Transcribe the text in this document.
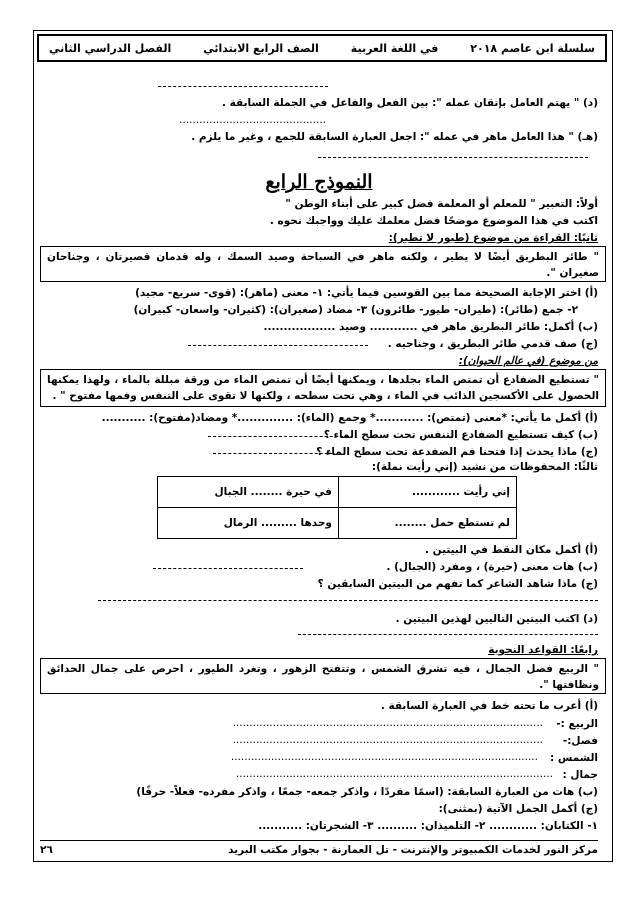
سلسلة ابن عاصم ٢٠١٨
في اللغة العربية
الصف الرابع الابتدائي
الفصل الدراسي الثاني
(د) " يهتم العامل بإتقان عمله ": بين الفعل والفاعل في الجملة السابقة .
............................................
(هـ) " هذا العامل ماهر في عمله ": اجعل العبارة السابقة للجمع ، وغير ما يلزم .
النموذج الرابع
أولاً: التعبير " للمعلم أو المعلمة فضل كبير على أبناء الوطن "
اكتب في هذا الموضوع موضحًا فضل معلمك عليك وواجبك نحوه .
ثانيًا: القراءة من موضوع (طيور لا تطير):
" طائر البطريق أيضًا لا يطير ، ولكنه ماهر في السباحة وصيد السمك ، وله قدمان قصيرتان ، وجناحان صغيران ".
(أ) اختر الإجابة الصحيحة مما بين القوسين فيما يأتي: ١- معنى (ماهر): (قوى- سريع- مجيد)
٢- جمع (طائر): (طيران- طيور- طائرون) ٣- مضاد (صغيران): (كثيران- واسعان- كبيران)
(ب) أكمل: طائر البطريق ماهر في ............ وصيد ..................
(ج) صف قدمي طائر البطريق ، وجناحيه .
من موضوع (في عالم الحيوان):
" تستطيع الضفادع أن تمتص الماء بجلدها ، ويمكنها أيضًا أن تمتص الماء من ورقة مبللة بالماء ، ولهذا يمكنها الحصول على الأكسجين الذائب في الماء ، وهي تحت سطحه ، ولكنها لا تقوى على التنفس وفمها مفتوح " .
(أ) أكمل ما يأتي: *معنى (تمتص): ............* وجمع (الماء): ..............* ومضاد(مفتوح): ...........
(ب) كيف تستطيع الضفادع التنفس تحت سطح الماء ؟
(ج) ماذا يحدث إذا فتحنا فم الضفدعة تحت سطح الماء ؟
ثالثًا: المحفوظات من نشيد (إني رأيت نملة):
إني رأيت ............	في حيرة ........ الجبال
لم تستطع حمل ........	وحدها ......... الرمال
(أ) أكمل مكان النقط في البيتين .
(ب) هات معنى (حيرة) ، ومفرد (الجبال) .
(ج) ماذا شاهد الشاعر كما تفهم من البيتين السابقين ؟
(د) اكتب البيتين التاليين لهذين البيتين .
رابعًا: القواعد النحوية
" الربيع فصل الجمال ، فيه تشرق الشمس ، وتتفتح الزهور ، وتغرد الطيور ، احرص على جمال الحدائق ونظافتها ".
(أ) أعرب ما تحته خط في العبارة السابقة .
الربيع :-
.............................................................................................
فصل:-
.............................................................................................
الشمس :
............................................................................................
جمال :
...............................................................................................
(ب) هات من العبارة السابقة: (اسمًا مفردًا ، واذكر جمعه- جمعًا ، واذكر مفرده- فعلاً- حرفًا)
(ج) أكمل الجمل الآتية (بمثنى):
١- الكتابان: ............ ٢- التلميذان: .......... ٣- الشجرتان: ...........
مركز النور لخدمات الكمبيوتر والإنترنت - تل العمارنة - بجوار مكتب البريد
٢٦
